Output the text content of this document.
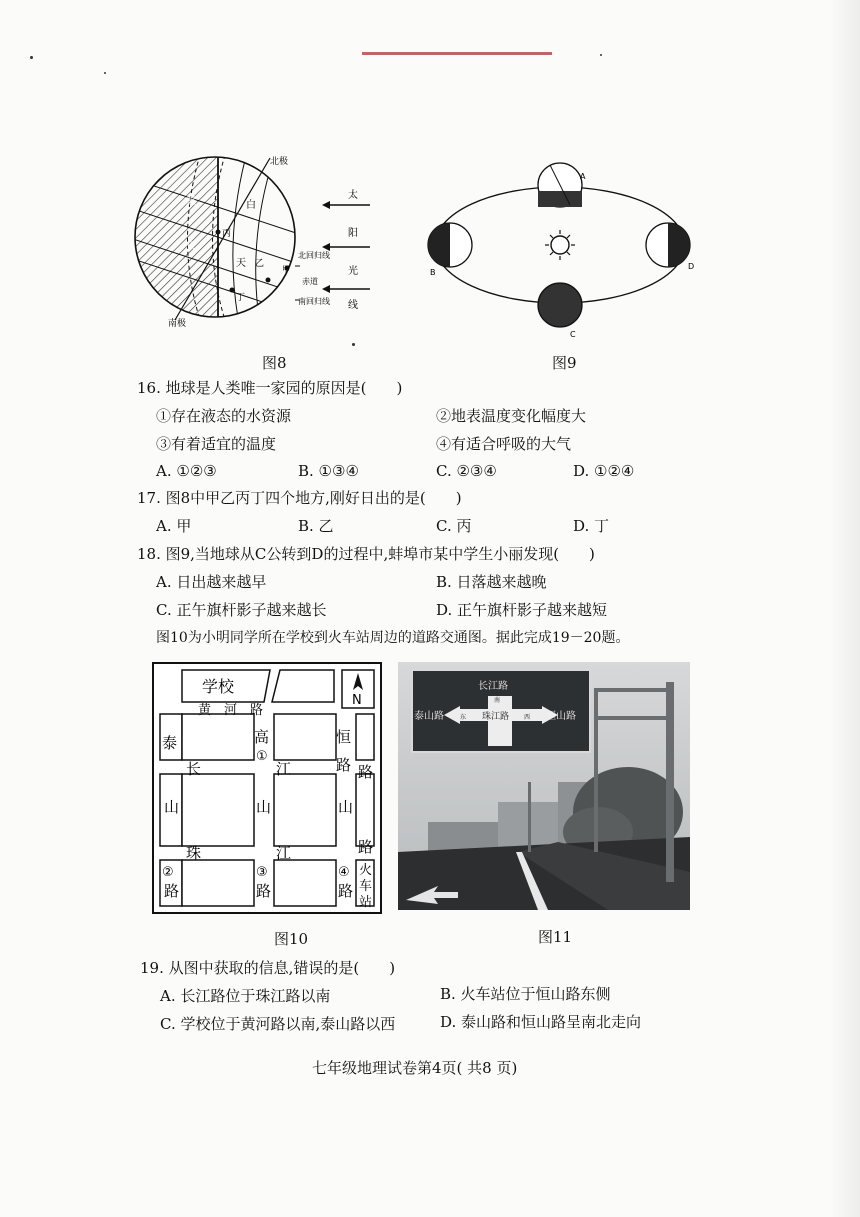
北极
南极
黑
夜
白
天
丙
乙
甲
丁
北回归线
赤道
南回归线
太
阳
光
线
图8
A
B
C
D
图9
16. 地球是人类唯一家园的原因是(　　)
①存在液态的水资源	②地表温度变化幅度大
③有着适宜的温度	④有适合呼吸的大气
A. ①②③	B. ①③④	C. ②③④	D. ①②④
17. 图8中甲乙丙丁四个地方,刚好日出的是(　　)
A. 甲	B. 乙	C. 丙	D. 丁
18. 图9,当地球从C公转到D的过程中,蚌埠市某中学生小丽发现(　　)
A. 日出越来越早	B. 日落越来越晚
C. 正午旗杆影子越来越长	D. 正午旗杆影子越来越短
图10为小明同学所在学校到火车站周边的道路交通图。据此完成19－20题。
学校
N
黄　河　路
高
①
泰	恒
路
长	江	路
山	山	山
珠	江	路
②	③	④
路	路	路
火
车
站
图10
长江路
南
泰山路	东 珠江路 西 恒山路
图11
19. 从图中获取的信息,错误的是(　　)
A. 长江路位于珠江路以南	B. 火车站位于恒山路东侧
C. 学校位于黄河路以南,泰山路以西	D. 泰山路和恒山路呈南北走向
七年级地理试卷第4页( 共8 页)
